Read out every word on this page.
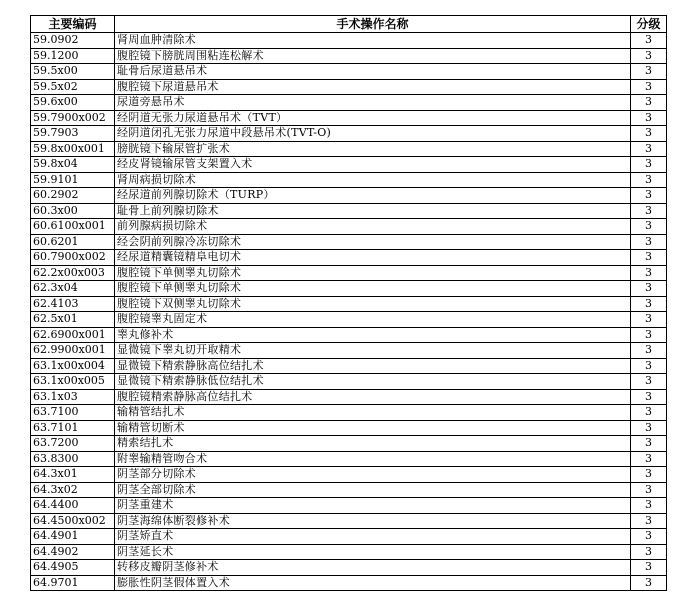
主要编码	手术操作名称	分级
59.0902	肾周血肿清除术	3
59.1200	腹腔镜下膀胱周围粘连松解术	3
59.5x00	耻骨后尿道悬吊术	3
59.5x02	腹腔镜下尿道悬吊术	3
59.6x00	尿道旁悬吊术	3
59.7900x002	经阴道无张力尿道悬吊术（TVT）	3
59.7903	经阴道闭孔无张力尿道中段悬吊术(TVT-O)	3
59.8x00x001	膀胱镜下输尿管扩张术	3
59.8x04	经皮肾镜输尿管支架置入术	3
59.9101	肾周病损切除术	3
60.2902	经尿道前列腺切除术（TURP）	3
60.3x00	耻骨上前列腺切除术	3
60.6100x001	前列腺病损切除术	3
60.6201	经会阴前列腺冷冻切除术	3
60.7900x002	经尿道精囊镜精阜电切术	3
62.2x00x003	腹腔镜下单侧睾丸切除术	3
62.3x04	腹腔镜下单侧睾丸切除术	3
62.4103	腹腔镜下双侧睾丸切除术	3
62.5x01	腹腔镜睾丸固定术	3
62.6900x001	睾丸修补术	3
62.9900x001	显微镜下睾丸切开取精术	3
63.1x00x004	显微镜下精索静脉高位结扎术	3
63.1x00x005	显微镜下精索静脉低位结扎术	3
63.1x03	腹腔镜精索静脉高位结扎术	3
63.7100	输精管结扎术	3
63.7101	输精管切断术	3
63.7200	精索结扎术	3
63.8300	附睾输精管吻合术	3
64.3x01	阴茎部分切除术	3
64.3x02	阴茎全部切除术	3
64.4400	阴茎重建术	3
64.4500x002	阴茎海绵体断裂修补术	3
64.4901	阴茎矫直术	3
64.4902	阴茎延长术	3
64.4905	转移皮瓣阴茎修补术	3
64.9701	膨胀性阴茎假体置入术	3
